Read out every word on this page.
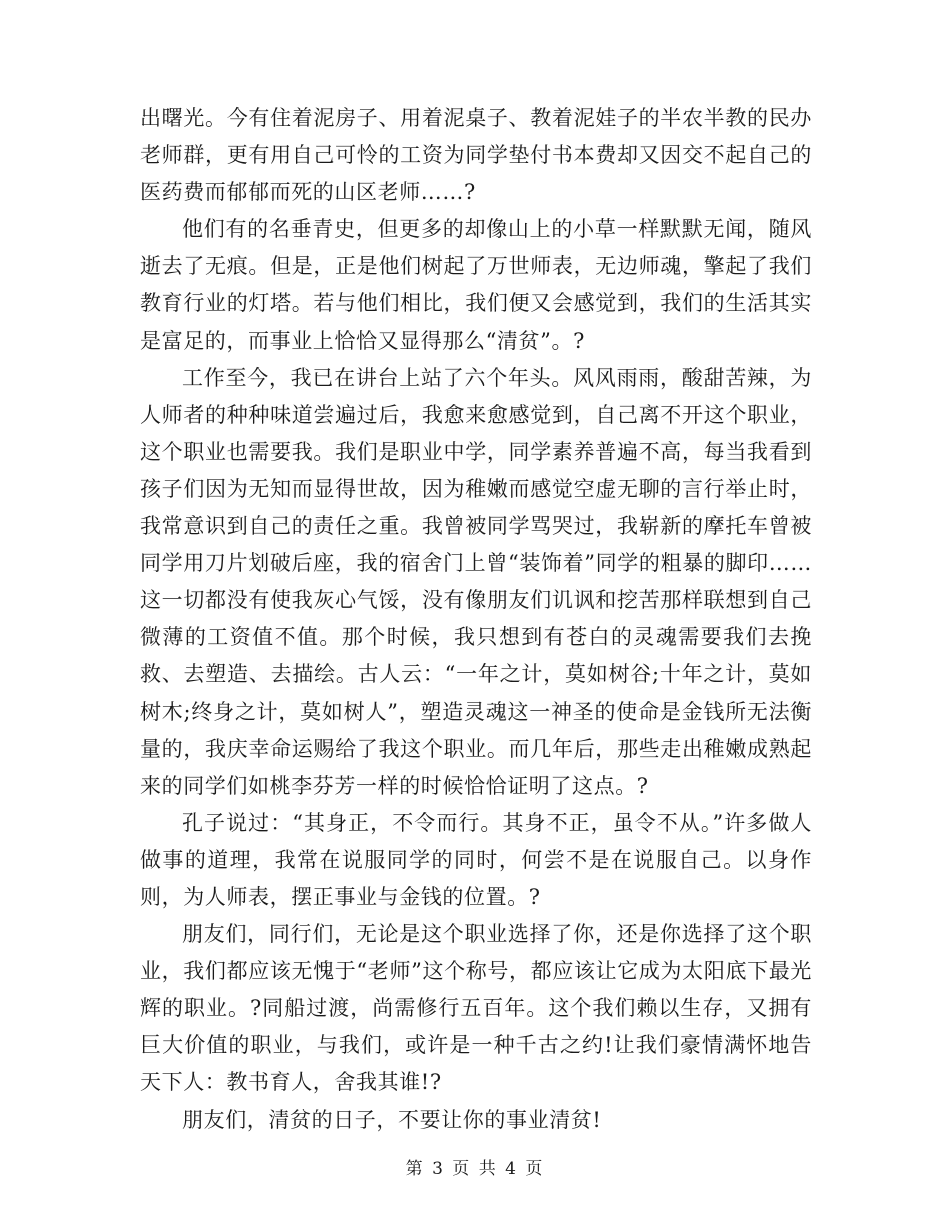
出曙光。今有住着泥房子、用着泥桌子、教着泥娃子的半农半教的民办老师群，更有用自己可怜的工资为同学垫付书本费却又因交不起自己的医药费而郁郁而死的山区老师……?

他们有的名垂青史，但更多的却像山上的小草一样默默无闻，随风逝去了无痕。但是，正是他们树起了万世师表，无边师魂，擎起了我们教育行业的灯塔。若与他们相比，我们便又会感觉到，我们的生活其实是富足的，而事业上恰恰又显得那么“清贫”。?

工作至今，我已在讲台上站了六个年头。风风雨雨，酸甜苦辣，为人师者的种种味道尝遍过后，我愈来愈感觉到，自己离不开这个职业，这个职业也需要我。我们是职业中学，同学素养普遍不高，每当我看到孩子们因为无知而显得世故，因为稚嫩而感觉空虚无聊的言行举止时，我常意识到自己的责任之重。我曾被同学骂哭过，我崭新的摩托车曾被同学用刀片划破后座，我的宿舍门上曾“装饰着”同学的粗暴的脚印……这一切都没有使我灰心气馁，没有像朋友们讥讽和挖苦那样联想到自己微薄的工资值不值。那个时候，我只想到有苍白的灵魂需要我们去挽救、去塑造、去描绘。古人云：“一年之计，莫如树谷;十年之计，莫如树木;终身之计，莫如树人”，塑造灵魂这一神圣的使命是金钱所无法衡量的，我庆幸命运赐给了我这个职业。而几年后，那些走出稚嫩成熟起来的同学们如桃李芬芳一样的时候恰恰证明了这点。?

孔子说过：“其身正，不令而行。其身不正，虽令不从。”许多做人做事的道理，我常在说服同学的同时，何尝不是在说服自己。以身作则，为人师表，摆正事业与金钱的位置。?

朋友们，同行们，无论是这个职业选择了你，还是你选择了这个职业，我们都应该无愧于“老师”这个称号，都应该让它成为太阳底下最光辉的职业。?同船过渡，尚需修行五百年。这个我们赖以生存，又拥有巨大价值的职业，与我们，或许是一种千古之约!让我们豪情满怀地告天下人：教书育人，舍我其谁!?

朋友们，清贫的日子，不要让你的事业清贫!

第 3 页 共 4 页
